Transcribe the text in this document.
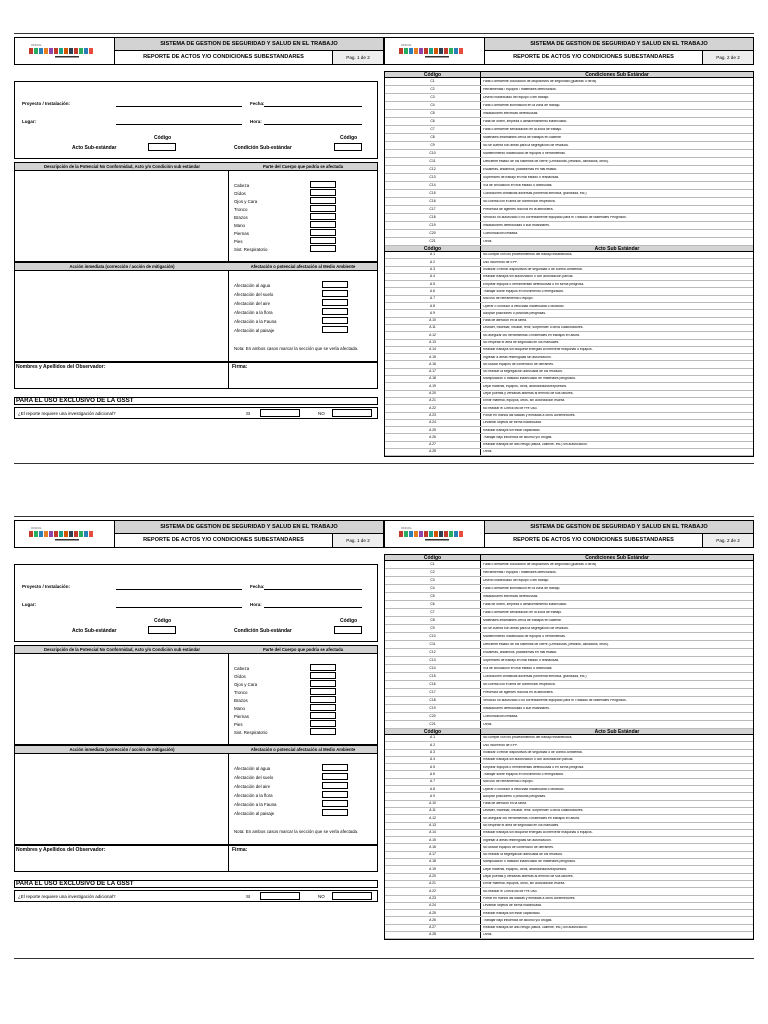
ONCOL	SISTEMA DE GESTION DE SEGURIDAD Y SALUD EN EL TRABAJO
REPORTE DE ACTOS Y/O CONDICIONES SUBESTANDARES	Pag. 1 de 2
Proyecto / Instalación:	Fecha:
Lugar:	Hora:
Código	Código
Acto Sub-estándar	Condición Sub-estándar
Descripción de la Potencial No Conformidad, Acto y/o Condición sub estándar	Parte del Cuerpo que podría se afectada
Cabeza
Oídos
Ojos y Cara
Tronco
Brazos
Mano
Piernas
Pies
Sist. Respiratorio
Acción inmediata (corrección / acción de mitigación)	Afectación o potencial afectación al Medio Ambiente
Afectación al agua
Afectación del suelo
Afectación del aire
Afectación a la flora
Afectación a la Fauna
Afectación al paisaje
Nota: En ambos casos marcar la sección que se verla afectada.
Nombres y Apellidos del Observador:	Firma:
PARA EL USO EXCLUSIVO DE LA GSST
¿El reporte requiere una investigación adicional?	SI	NO
ONCOL	SISTEMA DE GESTION DE SEGURIDAD Y SALUD EN EL TRABAJO
REPORTE DE ACTOS Y/O CONDICIONES SUBESTANDARES	Pag. 2 de 2
Código	Condiciones Sub Estándar
C1	Falta o deficiente colocación de dispositivos de seguridad (guardas u otros)
C2	Herramientas / equipos / materiales defectuosos.
C3	Diseño inadecuado del equipo o del trabajo.
C4	Falta o deficiente iluminación en la zona de trabajo.
C5	Instalaciones eléctricas defectuosas.
C6	Falta de orden, limpieza o almacenamiento inadecuado.
C7	Falta o deficiente señalización en la zona de trabajo.
C8	Materiales inflamables cerca de trabajos en caliente.
C9	No se cuenta con áreas para la segregación de residuos.
C10	Mantenimiento inadecuado de equipos o herramientas.
C11	Deficiente estado de los sistemas de cierre (Cerraduras, pestillos, candados, otros).
C12	Escaleras, andamios, plataformas en mal estado.
C13	Superficies de trabajo en mal estado o resbalosas.
C14	Vía de circulación en mal estado u obstruidas.
C15	Condiciones climáticas adversas (tormenta eléctrica, granizada, etc.)
C16	No cuenta con el área de contención respectiva.
C17	Presencia de agentes nocivos en la atmósfera.
C18	Vehículo no autorizado o no correctamente equipado para el Traslado de Materiales Peligrosos.
C19	Instalaciones defectuosas o sub estándares.
C20	Comunicación limitada.
C21	Otros.
Código	Acto Sub Estándar
A 1	No cumple con los procedimientos del trabajo establecidos.
A 2	Uso incorrecto de EPP.
A 3	Inutilizar o retirar dispositivos de seguridad o de control Ambiental.
A 4	Realizar trabajos sin autorización o con autorización parcial.
A 5	Emplear equipos o herramientas defectuosas o en forma peligrosa.
A 6	Trabajar sobre equipos en movimiento o energizados.
A 7	Mal uso de herramienta o equipo.
A 8	Operar o conducir a velocidad inadecuada o distraído.
A 9	Adoptar posiciones o posturas peligrosas.
A 10	Falta de atención en la tarea.
A 11	Distraer, molestar, insultar, reñir, sorprender u otros colaboradores.
A 12	No asegurar los herramientas o materiales en trabajos en altura.
A 13	No respetar el área de seguridad en los manuales.
A 14	Realizar trabajos sin bloquear energías al intervenir máquinas o equipos.
A 15	Ingresar a áreas restringidas sin autorización.
A 16	No utilizar equipos de contención de derrames.
A 17	No realizar la segregación adecuada de los residuos.
A 18	Manipulación o traslado inadecuado de materiales peligrosos.
A 19	Dejar material, equipos, otros, abandonados/expuestos.
A 20	Dejar puertas y ventanas abiertas al término de sus labores.
A 21	Emitir material, equipos, otros, sin autorización escrita.
A 22	No realizar el Check list de Pre Uso.
A 23	Portar en manos las salidas y entradas a otros contenedores.
A 24	Levantar objetos de forma inadecuada.
A 25	Realizar trabajos sin estar capacitado.
A 26	Trabajar bajo influencia de alcohol y/o drogas.
A 27	Realizar trabajos de alto riesgo (altura, caliente, etc.) sin autorización.
A 28	Otros.
ONCOL	SISTEMA DE GESTION DE SEGURIDAD Y SALUD EN EL TRABAJO
REPORTE DE ACTOS Y/O CONDICIONES SUBESTANDARES	Pag. 1 de 2
Proyecto / Instalación:	Fecha:
Lugar:	Hora:
Código	Código
Acto Sub-estándar	Condición Sub-estándar
Descripción de la Potencial No Conformidad, Acto y/o Condición sub estándar	Parte del Cuerpo que podría se afectada
Cabeza
Oídos
Ojos y Cara
Tronco
Brazos
Mano
Piernas
Pies
Sist. Respiratorio
Acción inmediata (corrección / acción de mitigación)	Afectación o potencial afectación al Medio Ambiente
Afectación al agua
Afectación del suelo
Afectación del aire
Afectación a la flora
Afectación a la Fauna
Afectación al paisaje
Nota: En ambos casos marcar la sección que se verla afectada.
Nombres y Apellidos del Observador:	Firma:
PARA EL USO EXCLUSIVO DE LA GSST
¿El reporte requiere una investigación adicional?	SI	NO
ONCOL	SISTEMA DE GESTION DE SEGURIDAD Y SALUD EN EL TRABAJO
REPORTE DE ACTOS Y/O CONDICIONES SUBESTANDARES	Pag. 2 de 2
Código	Condiciones Sub Estándar
C1	Falta o deficiente colocación de dispositivos de seguridad (guardas u otros)
C2	Herramientas / equipos / materiales defectuosos.
C3	Diseño inadecuado del equipo o del trabajo.
C4	Falta o deficiente iluminación en la zona de trabajo.
C5	Instalaciones eléctricas defectuosas.
C6	Falta de orden, limpieza o almacenamiento inadecuado.
C7	Falta o deficiente señalización en la zona de trabajo.
C8	Materiales inflamables cerca de trabajos en caliente.
C9	No se cuenta con áreas para la segregación de residuos.
C10	Mantenimiento inadecuado de equipos o herramientas.
C11	Deficiente estado de los sistemas de cierre (Cerraduras, pestillos, candados, otros).
C12	Escaleras, andamios, plataformas en mal estado.
C13	Superficies de trabajo en mal estado o resbalosas.
C14	Vía de circulación en mal estado u obstruidas.
C15	Condiciones climáticas adversas (tormenta eléctrica, granizada, etc.)
C16	No cuenta con el área de contención respectiva.
C17	Presencia de agentes nocivos en la atmósfera.
C18	Vehículo no autorizado o no correctamente equipado para el Traslado de Materiales Peligrosos.
C19	Instalaciones defectuosas o sub estándares.
C20	Comunicación limitada.
C21	Otros.
Código	Acto Sub Estándar
A 1	No cumple con los procedimientos del trabajo establecidos.
A 2	Uso incorrecto de EPP.
A 3	Inutilizar o retirar dispositivos de seguridad o de control Ambiental.
A 4	Realizar trabajos sin autorización o con autorización parcial.
A 5	Emplear equipos o herramientas defectuosas o en forma peligrosa.
A 6	Trabajar sobre equipos en movimiento o energizados.
A 7	Mal uso de herramienta o equipo.
A 8	Operar o conducir a velocidad inadecuada o distraído.
A 9	Adoptar posiciones o posturas peligrosas.
A 10	Falta de atención en la tarea.
A 11	Distraer, molestar, insultar, reñir, sorprender u otros colaboradores.
A 12	No asegurar los herramientas o materiales en trabajos en altura.
A 13	No respetar el área de seguridad en los manuales.
A 14	Realizar trabajos sin bloquear energías al intervenir máquinas o equipos.
A 15	Ingresar a áreas restringidas sin autorización.
A 16	No utilizar equipos de contención de derrames.
A 17	No realizar la segregación adecuada de los residuos.
A 18	Manipulación o traslado inadecuado de materiales peligrosos.
A 19	Dejar material, equipos, otros, abandonados/expuestos.
A 20	Dejar puertas y ventanas abiertas al término de sus labores.
A 21	Emitir material, equipos, otros, sin autorización escrita.
A 22	No realizar el Check list de Pre Uso.
A 23	Portar en manos las salidas y entradas a otros contenedores.
A 24	Levantar objetos de forma inadecuada.
A 25	Realizar trabajos sin estar capacitado.
A 26	Trabajar bajo influencia de alcohol y/o drogas.
A 27	Realizar trabajos de alto riesgo (altura, caliente, etc.) sin autorización.
A 28	Otros.
